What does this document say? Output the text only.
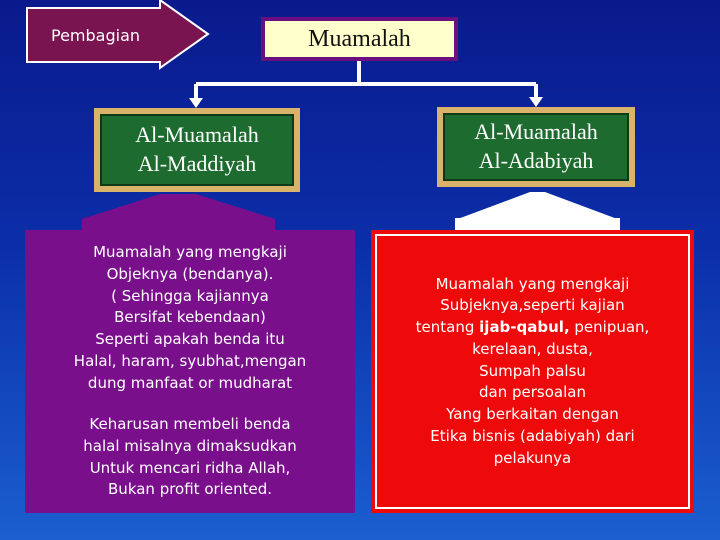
Pembagian	Muamalah
Al-Muamalah
Al-Maddiyah
Al-Muamalah
Al-Adabiyah

Muamalah yang mengkaji

Objeknya (bendanya).

( Sehingga kajiannya

Bersifat kebendaan)

Seperti apakah benda itu

Halal, haram, syubhat,mengan

dung manfaat or mudharat

Keharusan membeli benda

halal misalnya dimaksudkan

Untuk mencari ridha Allah,

Bukan profit oriented.

Muamalah yang mengkaji

Subjeknya,seperti kajian

tentang ijab-qabul, penipuan,

kerelaan, dusta,

Sumpah palsu

dan persoalan

Yang berkaitan dengan

Etika bisnis (adabiyah) dari

pelakunya
